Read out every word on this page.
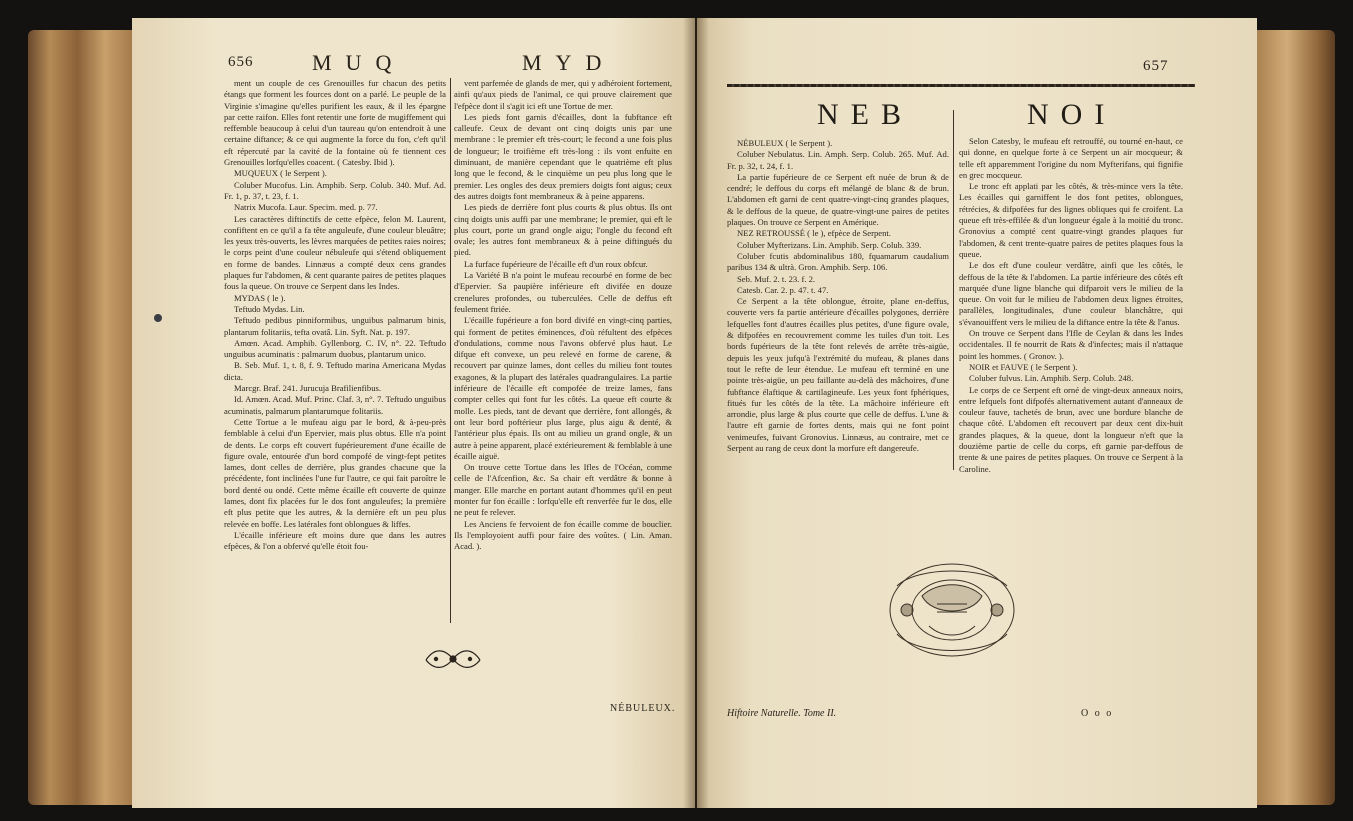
656	MUQ	MYD

ment un couple de ces Grenouilles fur chacun des petits étangs que forment les fources dont on a parlé. Le peuple de la Virginie s'imagine qu'elles purifient les eaux, & il les épargne par cette raifon. Elles font retentir une forte de mugiffement qui reffemble beaucoup à celui d'un taureau qu'on entendroit à une certaine diftance; & ce qui augmente la force du fon, c'eft qu'il eft répercuté par la cavité de la fontaine où fe tiennent ces Grenouilles lorfqu'elles coacent. ( Catesby. Ibid ).

MUQUEUX ( le Serpent ).

Coluber Mucofus. Lin. Amphib. Serp. Colub. 340. Muf. Ad. Fr. 1, p. 37, t. 23, f. 1.

Natrix Mucofa. Laur. Specim. med. p. 77.

Les caractères diftinctifs de cette efpèce, felon M. Laurent, confiftent en ce qu'il a fa tête anguleufe, d'une couleur bleuâtre; les yeux très-ouverts, les lèvres marquées de petites raies noires; le corps peint d'une couleur nébuleufe qui s'étend obliquement en forme de bandes. Linnæus a compté deux cens grandes plaques fur l'abdomen, & cent quarante paires de petites plaques fous la queue. On trouve ce Serpent dans les Indes.

MYDAS ( le ).

Teftudo Mydas. Lin.

Teftudo pedibus pinniformibus, unguibus palmarum binis, plantarum folitariis, tefta ovatâ. Lin. Syft. Nat. p. 197.

Amœn. Acad. Amphib. Gyllenborg. C. IV, n°. 22. Teftudo unguibus acuminatis : palmarum duobus, plantarum unico.

B. Seb. Muf. 1, t. 8, f. 9. Teftudo marina Americana Mydas dicta.

Marcgr. Braf. 241. Jurucuja Brafilienfibus.

Id. Amœn. Acad. Muf. Princ. Claf. 3, n°. 7. Teftudo unguibus acuminatis, palmarum plantarumque folitariis.

Cette Tortue a le mufeau aigu par le bord, & à-peu-près femblable à celui d'un Epervier, mais plus obtus. Elle n'a point de dents. Le corps eft couvert fupérieurement d'une écaille de figure ovale, entourée d'un bord compofé de vingt-fept petites lames, dont celles de derrière, plus grandes chacune que la précédente, font inclinées l'une fur l'autre, ce qui fait paroître le bord denté ou ondé. Cette même écaille eft couverte de quinze lames, dont fix placées fur le dos font anguleufes; la première eft plus petite que les autres, & la dernière eft un peu plus relevée en boffe. Les latérales font oblongues & liffes.

L'écaille inférieure eft moins dure que dans les autres efpèces, & l'on a obfervé qu'elle étoit fou-

vent parfemée de glands de mer, qui y adhéroient fortement, ainfi qu'aux pieds de l'animal, ce qui prouve clairement que l'efpèce dont il s'agit ici eft une Tortue de mer.

Les pieds font garnis d'écailles, dont la fubftance eft calleufe. Ceux de devant ont cinq doigts unis par une membrane : le premier eft très-court; le fecond a une fois plus de longueur; le troifième eft très-long : ils vont enfuite en diminuant, de manière cependant que le quatrième eft plus long que le fecond, & le cinquième un peu plus long que le premier. Les ongles des deux premiers doigts font aigus; ceux des autres doigts font membraneux & à peine apparens.

Les pieds de derrière font plus courts & plus obtus. Ils ont cinq doigts unis auffi par une membrane; le premier, qui eft le plus court, porte un grand ongle aigu; l'ongle du fecond eft ovale; les autres font membraneux & à peine diftingués du pied.

La furface fupérieure de l'écaille eft d'un roux obfcur.

La Variété B n'a point le mufeau recourbé en forme de bec d'Epervier. Sa paupière inférieure eft divifée en douze crenelures profondes, ou tuberculées. Celle de deffus eft feulement ftriée.

L'écaille fupérieure a fon bord divifé en vingt-cinq parties, qui forment de petites éminences, d'où réfultent des efpèces d'ondulations, comme nous l'avons obfervé plus haut. Le difque eft convexe, un peu relevé en forme de carene, & recouvert par quinze lames, dont celles du milieu font toutes exagones, & la plupart des latérales quadrangulaires. La partie inférieure de l'écaille eft compofée de treize lames, fans compter celles qui font fur les côtés. La queue eft courte & molle. Les pieds, tant de devant que derrière, font allongés, & ont leur bord poftérieur plus large, plus aigu & denté, & l'antérieur plus épais. Ils ont au milieu un grand ongle, & un autre à peine apparent, placé extérieurement & femblable à une écaille aiguë.

On trouve cette Tortue dans les Ifles de l'Océan, comme celle de l'Afcenfion, &c. Sa chair eft verdâtre & bonne à manger. Elle marche en portant autant d'hommes qu'il en peut monter fur fon écaille : lorfqu'elle eft renverfée fur le dos, elle ne peut fe relever.

Les Anciens fe fervoient de fon écaille comme de bouclier. Ils l'employoient auffi pour faire des voûtes. ( Lin. Aman. Acad. ).

NÉBULEUX.
657
NEB	NOI

NÉBULEUX ( le Serpent ).

Coluber Nebulatus. Lin. Amph. Serp. Colub. 265. Muf. Ad. Fr. p. 32, t. 24, f. 1.

La partie fupérieure de ce Serpent eft nuée de brun & de cendré; le deffous du corps eft mélangé de blanc & de brun. L'abdomen eft garni de cent quatre-vingt-cinq grandes plaques, & le deffous de la queue, de quatre-vingt-une paires de petites plaques. On trouve ce Serpent en Amérique.

NEZ RETROUSSÉ ( le ), efpèce de Serpent.

Coluber Myfterizans. Lin. Amphib. Serp. Colub. 339.

Coluber fcutis abdominalibus 180, fquamarum caudalium paribus 134 & ultrà. Gron. Amphib. Serp. 106.

Seb. Muf. 2. t. 23. f. 2.

Catesb. Car. 2. p. 47. t. 47.

Ce Serpent a la tête oblongue, étroite, plane en-deffus, couverte vers fa partie antérieure d'écailles polygones, derrière lefquelles font d'autres écailles plus petites, d'une figure ovale, & difpofées en recouvrement comme les tuiles d'un toit. Les bords fupérieurs de la tête font relevés de arrête très-aigüe, depuis les yeux jufqu'à l'extrémité du mufeau, & planes dans tout le refte de leur étendue. Le mufeau eft terminé en une pointe très-aigüe, un peu faillante au-delà des mâchoires, d'une fubftance élaftique & cartilagineufe. Les yeux font fphériques, fitués fur les côtés de la tête. La mâchoire inférieure eft arrondie, plus large & plus courte que celle de deffus. L'une & l'autre eft garnie de fortes dents, mais qui ne font point venimeufes, fuivant Gronovius. Linnæus, au contraire, met ce Serpent au rang de ceux dont la morfure eft dangereufe.

Selon Catesby, le mufeau eft retrouffé, ou tourné en-haut, ce qui donne, en quelque forte à ce Serpent un air mocqueur; & telle eft apparemment l'origine du nom Myfterifans, qui fignifie en grec mocqueur.

Le tronc eft applati par les côtés, & très-mince vers la tête. Les écailles qui garniffent le dos font petites, oblongues, rétrécies, & difpofées fur des lignes obliques qui fe croifent. La queue eft très-effilée & d'un longueur égale à la moitié du tronc. Gronovius a compté cent quatre-vingt grandes plaques fur l'abdomen, & cent trente-quatre paires de petites plaques fous la queue.

Le dos eft d'une couleur verdâtre, ainfi que les côtés, le deffous de la tête & l'abdomen. La partie inférieure des côtés eft marquée d'une ligne blanche qui difparoit vers le milieu de la queue. On voit fur le milieu de l'abdomen deux lignes étroites, parallèles, longitudinales, d'une couleur blanchâtre, qui s'évanouiffent vers le milieu de la diftance entre la tête & l'anus.

On trouve ce Serpent dans l'Ifle de Ceylan & dans les Indes occidentales. Il fe nourrit de Rats & d'infectes; mais il n'attaque point les hommes. ( Gronov. ).

NOIR et FAUVE ( le Serpent ).

Coluber fulvus. Lin. Amphib. Serp. Colub. 248.

Le corps de ce Serpent eft orné de vingt-deux anneaux noirs, entre lefquels font difpofés alternativement autant d'anneaux de couleur fauve, tachetés de brun, avec une bordure blanche de chaque côté. L'abdomen eft recouvert par deux cent dix-huit grandes plaques, & la queue, dont la longueur n'eft que la douzième partie de celle du corps, eft garnie par-deffous de trente & une paires de petites plaques. On trouve ce Serpent à la Caroline.

Hiftoire Naturelle. Tome II.	O o o
